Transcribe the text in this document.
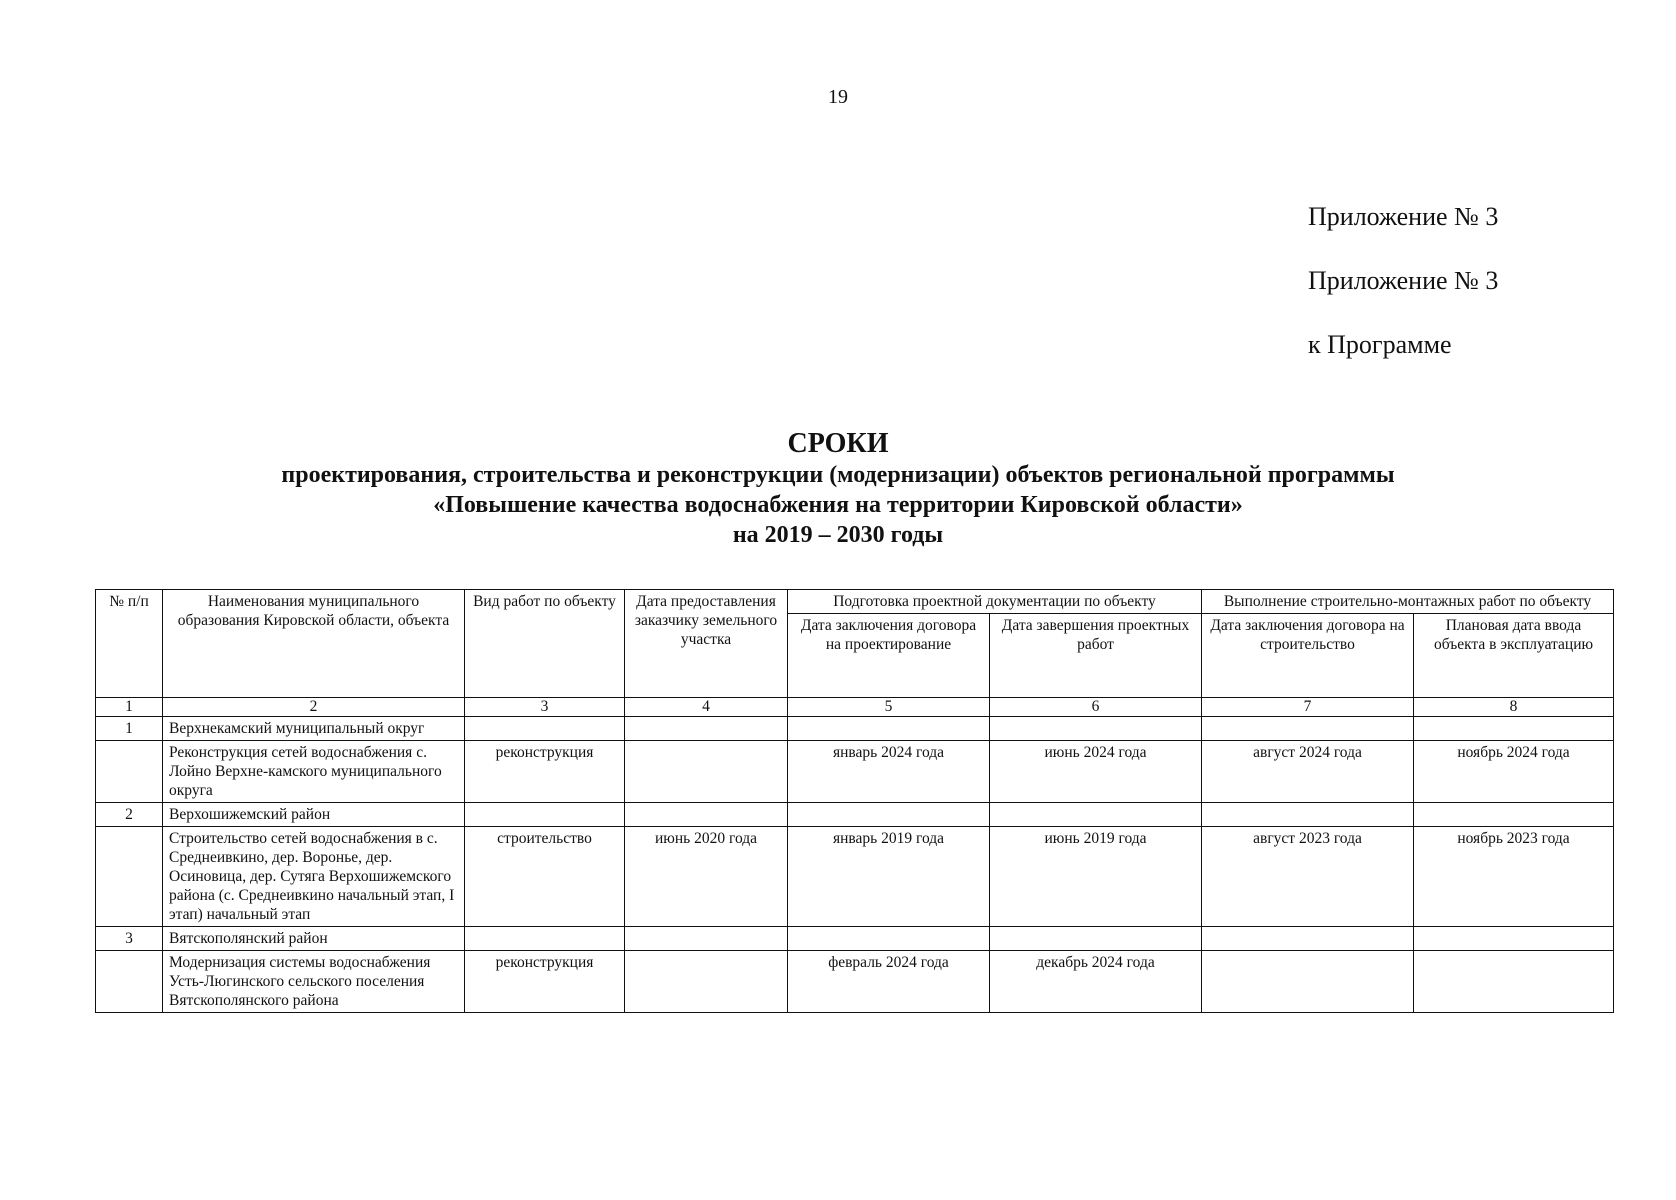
19
Приложение № 3
Приложение № 3
к Программе
СРОКИ
проектирования, строительства и реконструкции (модернизации) объектов региональной программы
«Повышение качества водоснабжения на территории Кировской области»
на 2019 – 2030 годы
№ п/п	Наименования муниципального образования Кировской области, объекта	Вид работ по объекту	Дата предоставления заказчику земельного участка	Подготовка проектной документации по объекту		Выполнение строительно-монтажных работ по объекту	
				Дата заключения договора на проектирование	Дата завершения проектных работ	Дата заключения договора на строительство	Плановая дата ввода объекта в эксплуатацию
1	2	3	4	5	6	7	8
1	Верхнекамский муниципальный округ						
	Реконструкция сетей водоснабжения с. Лойно Верхне-камского муниципального округа	реконструкция		январь 2024 года	июнь 2024 года	август 2024 года	ноябрь 2024 года
2	Верхошижемский район						
	Строительство сетей водоснабжения в с. Среднеивкино, дер. Воронье, дер. Осиновица, дер. Сутяга Верхошижемского района (с. Среднеивкино начальный этап, I этап) начальный этап	строительство	июнь 2020 года	январь 2019 года	июнь 2019 года	август 2023 года	ноябрь 2023 года
3	Вятскополянский район						
	Модернизация системы водоснабжения Усть-Люгинского сельского поселения Вятскополянского района	реконструкция		февраль 2024 года	декабрь 2024 года		
